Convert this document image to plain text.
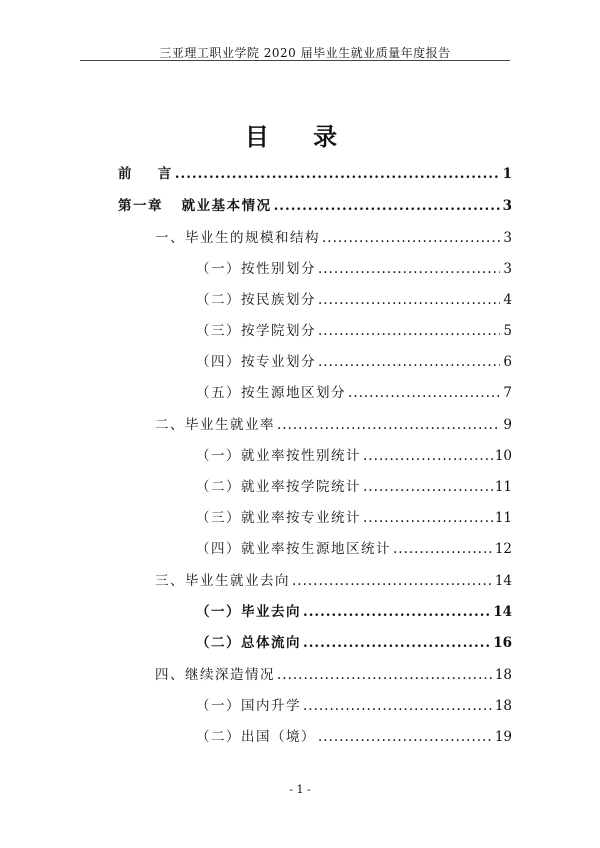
三亚理工职业学院 2020 届毕业生就业质量年度报告
目 录
前    言 .....	1
第一章   就业基本情况 .....	3
一、毕业生的规模和结构 .....	3
（一）按性别划分 .....	3
（二）按民族划分 .....	4
（三）按学院划分 .....	5
（四）按专业划分 .....	6
（五）按生源地区划分 .....	7
二、毕业生就业率 .....	9
（一）就业率按性别统计 .....	10
（二）就业率按学院统计 .....	11
（三）就业率按专业统计 .....	11
（四）就业率按生源地区统计 .....	12
三、毕业生就业去向 .....	14
（一）毕业去向 .....	14
（二）总体流向 .....	16
四、继续深造情况 .....	18
（一）国内升学 .....	18
（二）出国（境） .....	19
- 1 -
